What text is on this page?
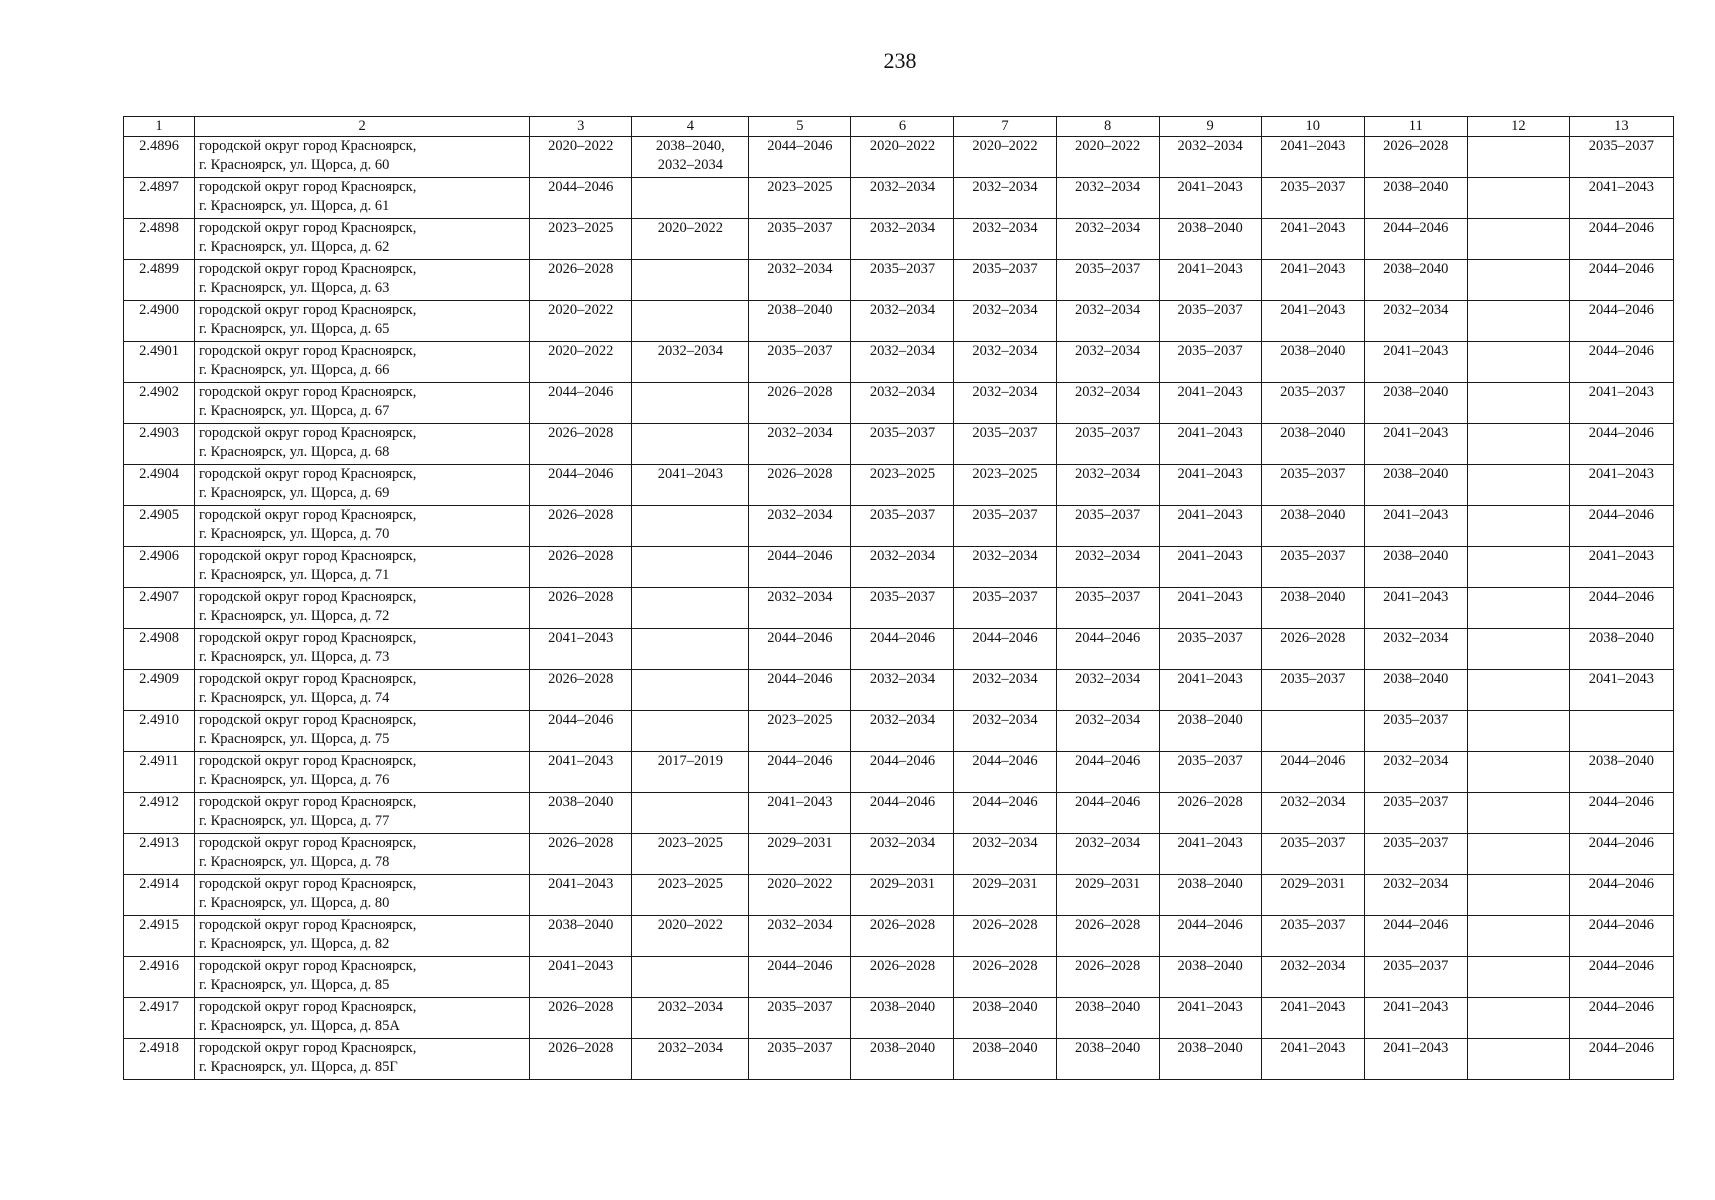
238
1	2	3	4	5	6	7	8	9	10	11	12	13
2.4896	городской округ город Красноярск,
г. Красноярск, ул. Щорса, д. 60	2020–2022	2038–2040,
2032–2034	2044–2046	2020–2022	2020–2022	2020–2022	2032–2034	2041–2043	2026–2028		2035–2037
2.4897	городской округ город Красноярск,
г. Красноярск, ул. Щорса, д. 61	2044–2046		2023–2025	2032–2034	2032–2034	2032–2034	2041–2043	2035–2037	2038–2040		2041–2043
2.4898	городской округ город Красноярск,
г. Красноярск, ул. Щорса, д. 62	2023–2025	2020–2022	2035–2037	2032–2034	2032–2034	2032–2034	2038–2040	2041–2043	2044–2046		2044–2046
2.4899	городской округ город Красноярск,
г. Красноярск, ул. Щорса, д. 63	2026–2028		2032–2034	2035–2037	2035–2037	2035–2037	2041–2043	2041–2043	2038–2040		2044–2046
2.4900	городской округ город Красноярск,
г. Красноярск, ул. Щорса, д. 65	2020–2022		2038–2040	2032–2034	2032–2034	2032–2034	2035–2037	2041–2043	2032–2034		2044–2046
2.4901	городской округ город Красноярск,
г. Красноярск, ул. Щорса, д. 66	2020–2022	2032–2034	2035–2037	2032–2034	2032–2034	2032–2034	2035–2037	2038–2040	2041–2043		2044–2046
2.4902	городской округ город Красноярск,
г. Красноярск, ул. Щорса, д. 67	2044–2046		2026–2028	2032–2034	2032–2034	2032–2034	2041–2043	2035–2037	2038–2040		2041–2043
2.4903	городской округ город Красноярск,
г. Красноярск, ул. Щорса, д. 68	2026–2028		2032–2034	2035–2037	2035–2037	2035–2037	2041–2043	2038–2040	2041–2043		2044–2046
2.4904	городской округ город Красноярск,
г. Красноярск, ул. Щорса, д. 69	2044–2046	2041–2043	2026–2028	2023–2025	2023–2025	2032–2034	2041–2043	2035–2037	2038–2040		2041–2043
2.4905	городской округ город Красноярск,
г. Красноярск, ул. Щорса, д. 70	2026–2028		2032–2034	2035–2037	2035–2037	2035–2037	2041–2043	2038–2040	2041–2043		2044–2046
2.4906	городской округ город Красноярск,
г. Красноярск, ул. Щорса, д. 71	2026–2028		2044–2046	2032–2034	2032–2034	2032–2034	2041–2043	2035–2037	2038–2040		2041–2043
2.4907	городской округ город Красноярск,
г. Красноярск, ул. Щорса, д. 72	2026–2028		2032–2034	2035–2037	2035–2037	2035–2037	2041–2043	2038–2040	2041–2043		2044–2046
2.4908	городской округ город Красноярск,
г. Красноярск, ул. Щорса, д. 73	2041–2043		2044–2046	2044–2046	2044–2046	2044–2046	2035–2037	2026–2028	2032–2034		2038–2040
2.4909	городской округ город Красноярск,
г. Красноярск, ул. Щорса, д. 74	2026–2028		2044–2046	2032–2034	2032–2034	2032–2034	2041–2043	2035–2037	2038–2040		2041–2043
2.4910	городской округ город Красноярск,
г. Красноярск, ул. Щорса, д. 75	2044–2046		2023–2025	2032–2034	2032–2034	2032–2034	2038–2040		2035–2037		
2.4911	городской округ город Красноярск,
г. Красноярск, ул. Щорса, д. 76	2041–2043	2017–2019	2044–2046	2044–2046	2044–2046	2044–2046	2035–2037	2044–2046	2032–2034		2038–2040
2.4912	городской округ город Красноярск,
г. Красноярск, ул. Щорса, д. 77	2038–2040		2041–2043	2044–2046	2044–2046	2044–2046	2026–2028	2032–2034	2035–2037		2044–2046
2.4913	городской округ город Красноярск,
г. Красноярск, ул. Щорса, д. 78	2026–2028	2023–2025	2029–2031	2032–2034	2032–2034	2032–2034	2041–2043	2035–2037	2035–2037		2044–2046
2.4914	городской округ город Красноярск,
г. Красноярск, ул. Щорса, д. 80	2041–2043	2023–2025	2020–2022	2029–2031	2029–2031	2029–2031	2038–2040	2029–2031	2032–2034		2044–2046
2.4915	городской округ город Красноярск,
г. Красноярск, ул. Щорса, д. 82	2038–2040	2020–2022	2032–2034	2026–2028	2026–2028	2026–2028	2044–2046	2035–2037	2044–2046		2044–2046
2.4916	городской округ город Красноярск,
г. Красноярск, ул. Щорса, д. 85	2041–2043		2044–2046	2026–2028	2026–2028	2026–2028	2038–2040	2032–2034	2035–2037		2044–2046
2.4917	городской округ город Красноярск,
г. Красноярск, ул. Щорса, д. 85А	2026–2028	2032–2034	2035–2037	2038–2040	2038–2040	2038–2040	2041–2043	2041–2043	2041–2043		2044–2046
2.4918	городской округ город Красноярск,
г. Красноярск, ул. Щорса, д. 85Г	2026–2028	2032–2034	2035–2037	2038–2040	2038–2040	2038–2040	2038–2040	2041–2043	2041–2043		2044–2046
